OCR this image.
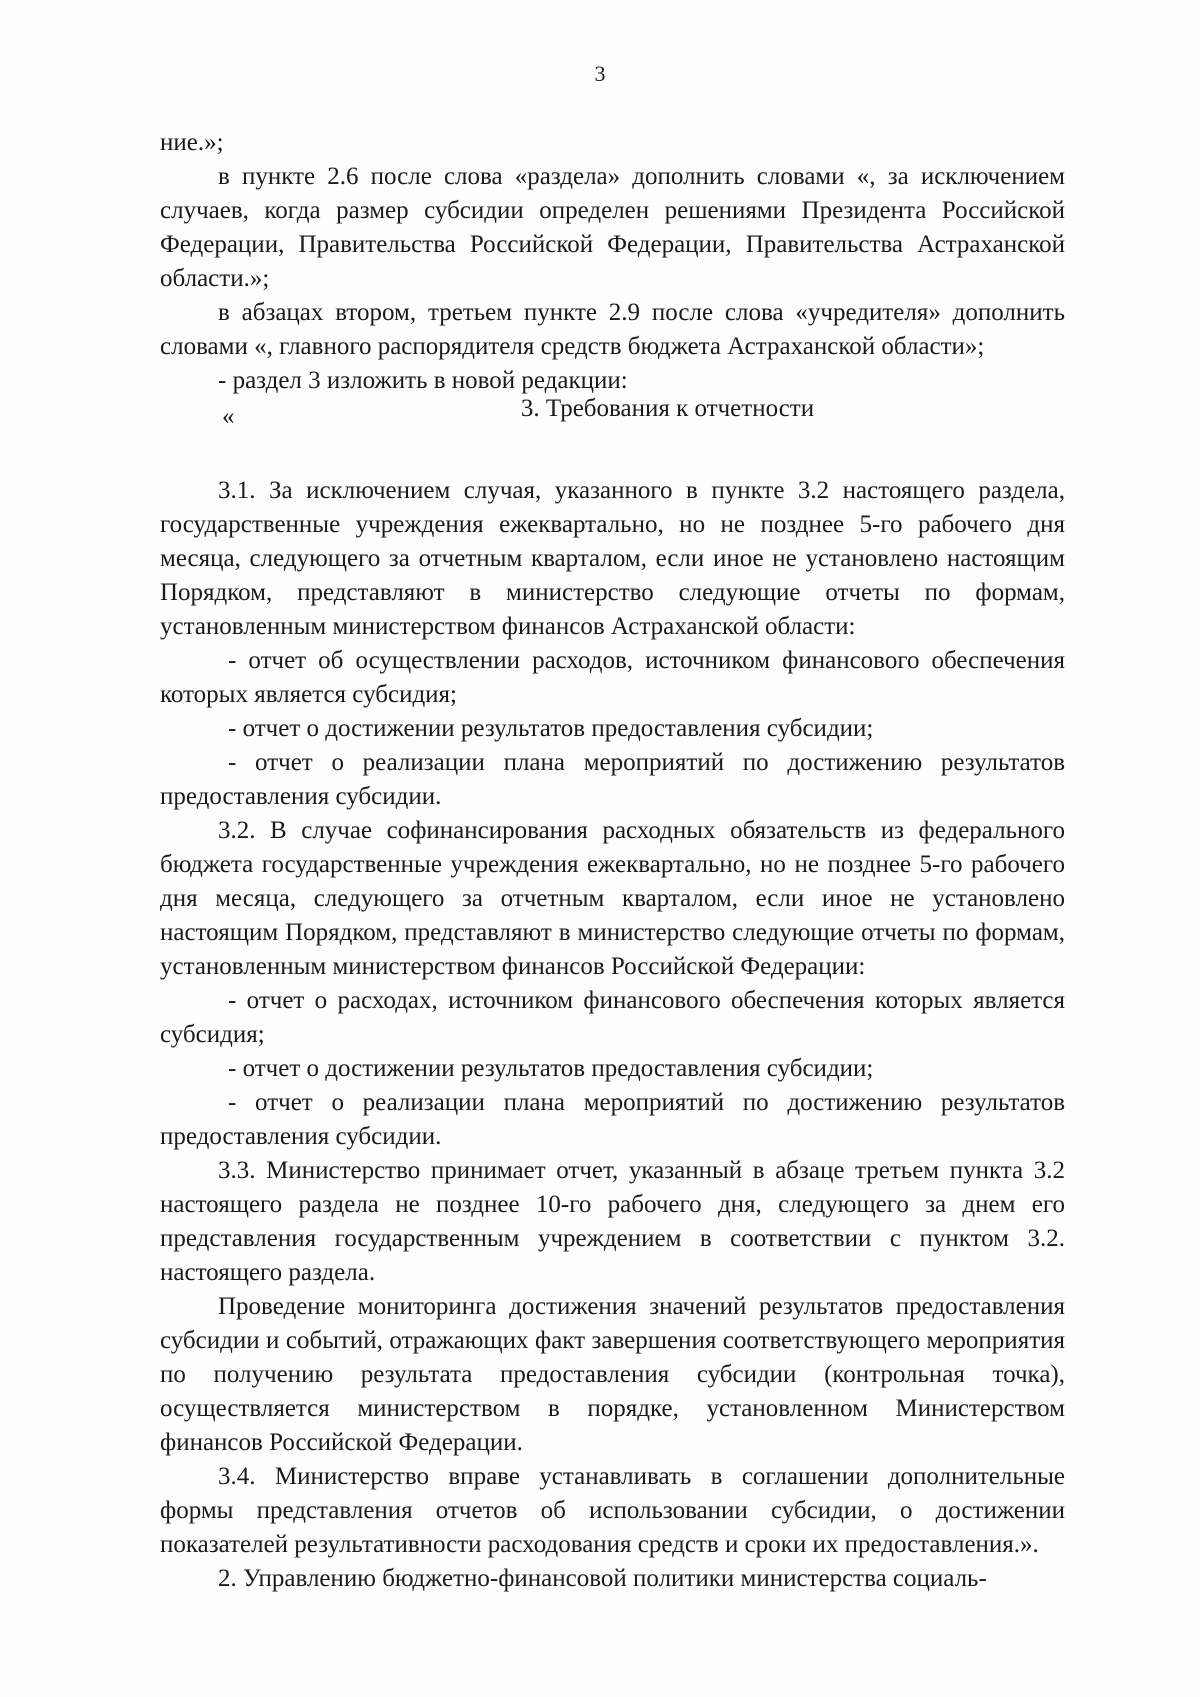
3

ние.»;

в пункте 2.6 после слова «раздела» дополнить словами «, за исключением случаев, когда размер субсидии определен решениями Президента Российской Федерации, Правительства Российской Федерации, Правительства Астраханской области.»;

в абзацах втором, третьем пункте 2.9 после слова «учредителя» дополнить словами «, главного распорядителя средств бюджета Астраханской области»;

- раздел 3 изложить в новой редакции:

«	3. Требования к отчетности

3.1. За исключением случая, указанного в пункте 3.2 настоящего раздела, государственные учреждения ежеквартально, но не позднее 5-го рабочего дня месяца, следующего за отчетным кварталом, если иное не установлено настоящим Порядком, представляют в министерство следующие отчеты по формам, установленным министерством финансов Астраханской области:

- отчет об осуществлении расходов, источником финансового обеспечения которых является субсидия;

- отчет о достижении результатов предоставления субсидии;

- отчет о реализации плана мероприятий по достижению результатов предоставления субсидии.

3.2. В случае софинансирования расходных обязательств из федерального бюджета государственные учреждения ежеквартально, но не позднее 5-го рабочего дня месяца, следующего за отчетным кварталом, если иное не установлено настоящим Порядком, представляют в министерство следующие отчеты по формам, установленным министерством финансов Российской Федерации:

- отчет о расходах, источником финансового обеспечения которых является субсидия;

- отчет о достижении результатов предоставления субсидии;

- отчет о реализации плана мероприятий по достижению результатов предоставления субсидии.

3.3. Министерство принимает отчет, указанный в абзаце третьем пункта 3.2 настоящего раздела не позднее 10-го рабочего дня, следующего за днем его представления государственным учреждением в соответствии с пунктом 3.2. настоящего раздела.

Проведение мониторинга достижения значений результатов предоставления субсидии и событий, отражающих факт завершения соответствующего мероприятия по получению результата предоставления субсидии (контрольная точка), осуществляется министерством в порядке, установленном Министерством финансов Российской Федерации.

3.4. Министерство вправе устанавливать в соглашении дополнительные формы представления отчетов об использовании субсидии, о достижении показателей результативности расходования средств и сроки их предоставления.».

2. Управлению бюджетно-финансовой политики министерства социаль-
